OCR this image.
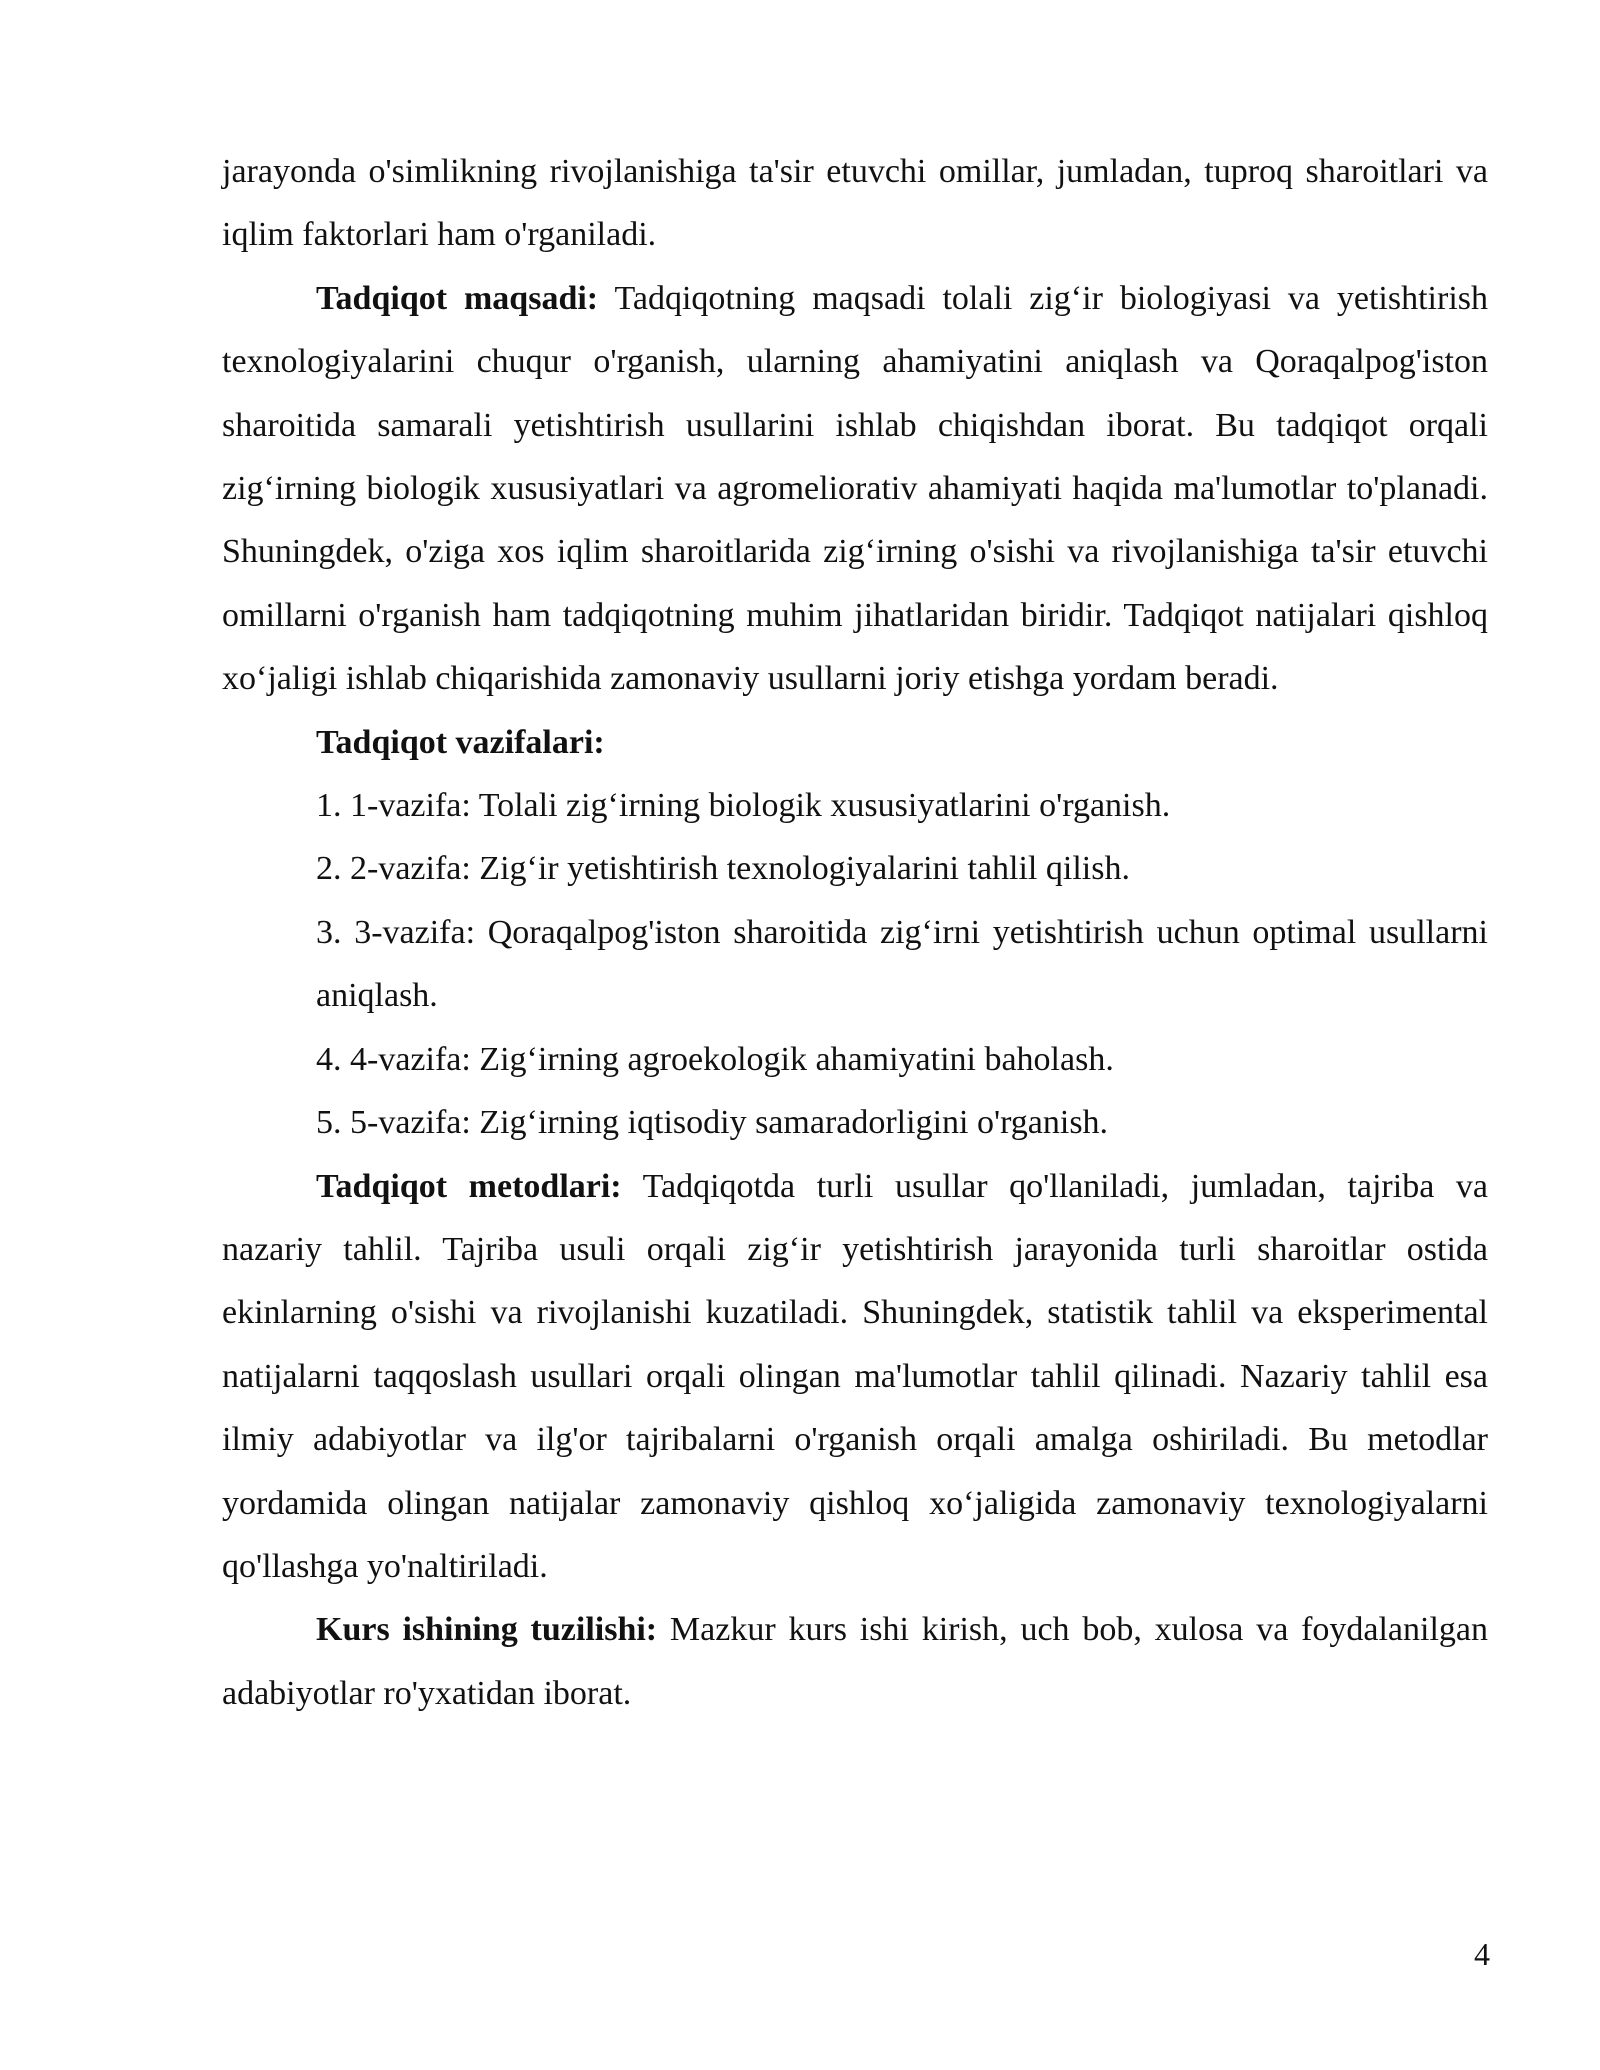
jarayonda o'simlikning rivojlanishiga ta'sir etuvchi omillar, jumladan, tuproq sharoitlari va iqlim faktorlari ham o'rganiladi.

Tadqiqot maqsadi: Tadqiqotning maqsadi tolali zig‘ir biologiyasi va yetishtirish texnologiyalarini chuqur o'rganish, ularning ahamiyatini aniqlash va Qoraqalpog'iston sharoitida samarali yetishtirish usullarini ishlab chiqishdan iborat. Bu tadqiqot orqali zig‘irning biologik xususiyatlari va agromeliorativ ahamiyati haqida ma'lumotlar to'planadi. Shuningdek, o'ziga xos iqlim sharoitlarida zig‘irning o'sishi va rivojlanishiga ta'sir etuvchi omillarni o'rganish ham tadqiqotning muhim jihatlaridan biridir. Tadqiqot natijalari qishloq xo‘jaligi ishlab chiqarishida zamonaviy usullarni joriy etishga yordam beradi.

Tadqiqot vazifalari:

1. 1-vazifa: Tolali zig‘irning biologik xususiyatlarini o'rganish.
2. 2-vazifa: Zig‘ir yetishtirish texnologiyalarini tahlil qilish.
3. 3-vazifa: Qoraqalpog'iston sharoitida zig‘irni yetishtirish uchun optimal usullarni aniqlash.
4. 4-vazifa: Zig‘irning agroekologik ahamiyatini baholash.
5. 5-vazifa: Zig‘irning iqtisodiy samaradorligini o'rganish.

Tadqiqot metodlari: Tadqiqotda turli usullar qo'llaniladi, jumladan, tajriba va nazariy tahlil. Tajriba usuli orqali zig‘ir yetishtirish jarayonida turli sharoitlar ostida ekinlarning o'sishi va rivojlanishi kuzatiladi. Shuningdek, statistik tahlil va eksperimental natijalarni taqqoslash usullari orqali olingan ma'lumotlar tahlil qilinadi. Nazariy tahlil esa ilmiy adabiyotlar va ilg'or tajribalarni o'rganish orqali amalga oshiriladi. Bu metodlar yordamida olingan natijalar zamonaviy qishloq xo‘jaligida zamonaviy texnologiyalarni qo'llashga yo'naltiriladi.

Kurs ishining tuzilishi: Mazkur kurs ishi kirish, uch bob, xulosa va foydalanilgan adabiyotlar ro'yxatidan iborat.

4
